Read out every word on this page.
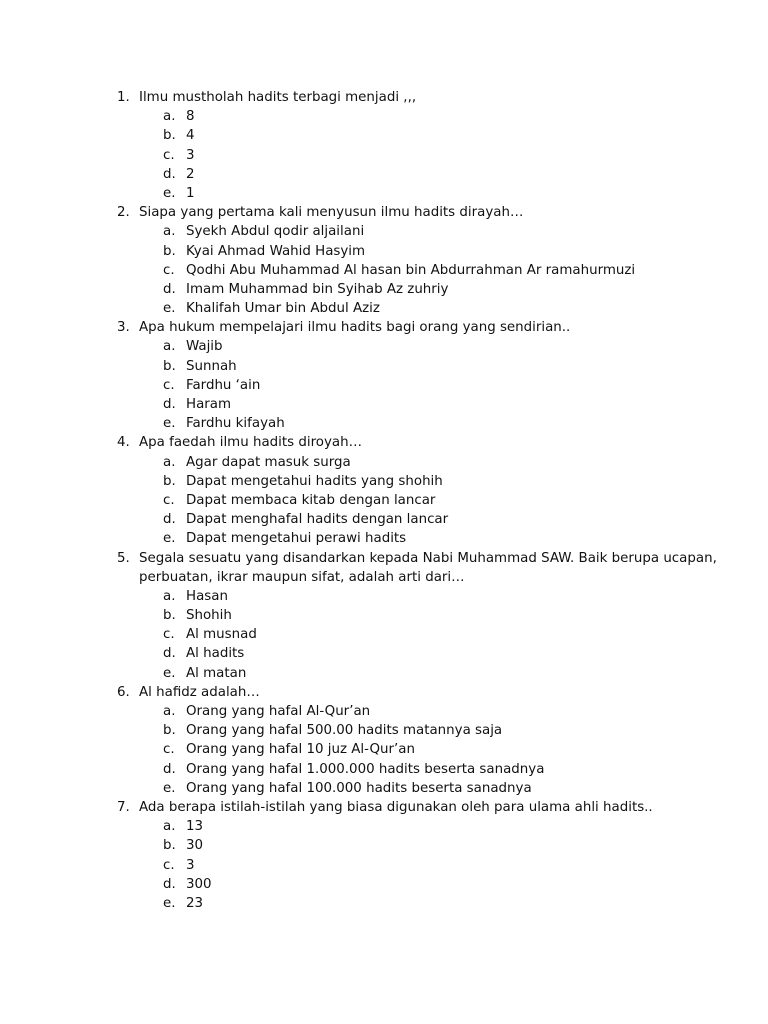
1. Ilmu mustholah hadits terbagi menjadi ,,,
a. 8
b. 4
c. 3
d. 2
e. 1
2. Siapa yang pertama kali menyusun ilmu hadits dirayah…
a. Syekh Abdul qodir aljailani
b. Kyai Ahmad Wahid Hasyim
c. Qodhi Abu Muhammad Al hasan bin Abdurrahman Ar ramahurmuzi
d. Imam Muhammad bin Syihab Az zuhriy
e. Khalifah Umar bin Abdul Aziz
3. Apa hukum mempelajari ilmu hadits bagi orang yang sendirian..
a. Wajib
b. Sunnah
c. Fardhu ‘ain
d. Haram
e. Fardhu kifayah
4. Apa faedah ilmu hadits diroyah…
a. Agar dapat masuk surga
b. Dapat mengetahui hadits yang shohih
c. Dapat membaca kitab dengan lancar
d. Dapat menghafal hadits dengan lancar
e. Dapat mengetahui perawi hadits
5. Segala sesuatu yang disandarkan kepada Nabi Muhammad SAW. Baik berupa ucapan,
perbuatan, ikrar maupun sifat, adalah arti dari…
a. Hasan
b. Shohih
c. Al musnad
d. Al hadits
e. Al matan
6. Al hafidz adalah…
a. Orang yang hafal Al-Qur’an
b. Orang yang hafal 500.00 hadits matannya saja
c. Orang yang hafal 10 juz Al-Qur’an
d. Orang yang hafal 1.000.000 hadits beserta sanadnya
e. Orang yang hafal 100.000 hadits beserta sanadnya
7. Ada berapa istilah-istilah yang biasa digunakan oleh para ulama ahli hadits..
a. 13
b. 30
c. 3
d. 300
e. 23
